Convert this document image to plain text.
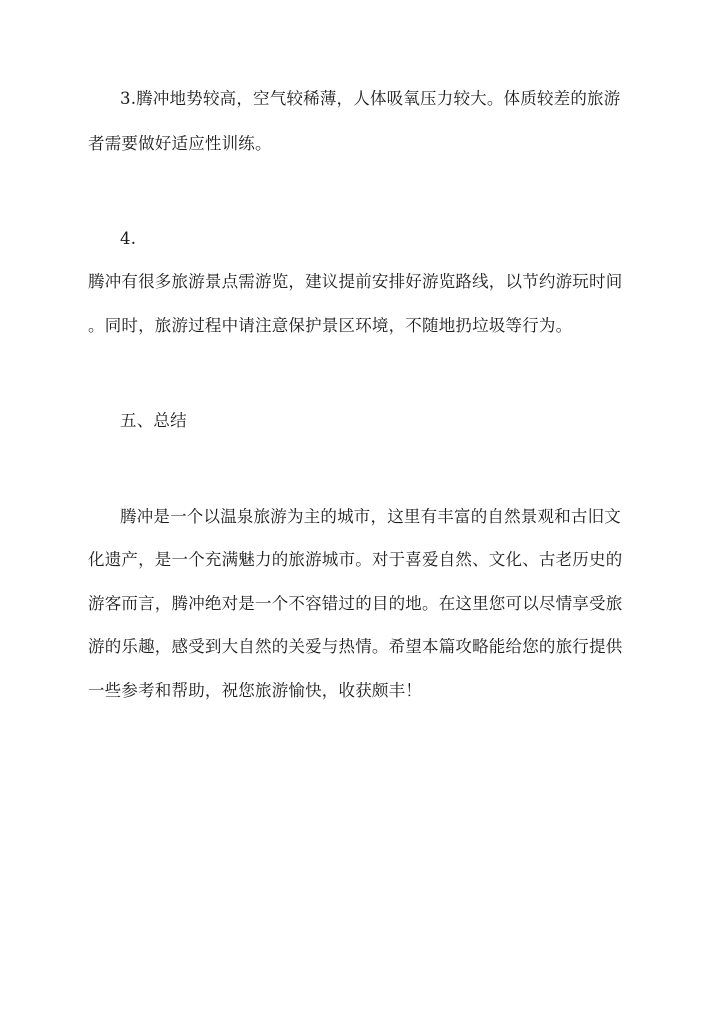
3.腾冲地势较高，空气较稀薄，人体吸氧压力较大。体质较差的旅游
者需要做好适应性训练。
4.
腾冲有很多旅游景点需游览，建议提前安排好游览路线，以节约游玩时间
。同时，旅游过程中请注意保护景区环境，不随地扔垃圾等行为。
五、总结
腾冲是一个以温泉旅游为主的城市，这里有丰富的自然景观和古旧文
化遗产，是一个充满魅力的旅游城市。对于喜爱自然、文化、古老历史的
游客而言，腾冲绝对是一个不容错过的目的地。在这里您可以尽情享受旅
游的乐趣，感受到大自然的关爱与热情。希望本篇攻略能给您的旅行提供
一些参考和帮助，祝您旅游愉快，收获颇丰！
